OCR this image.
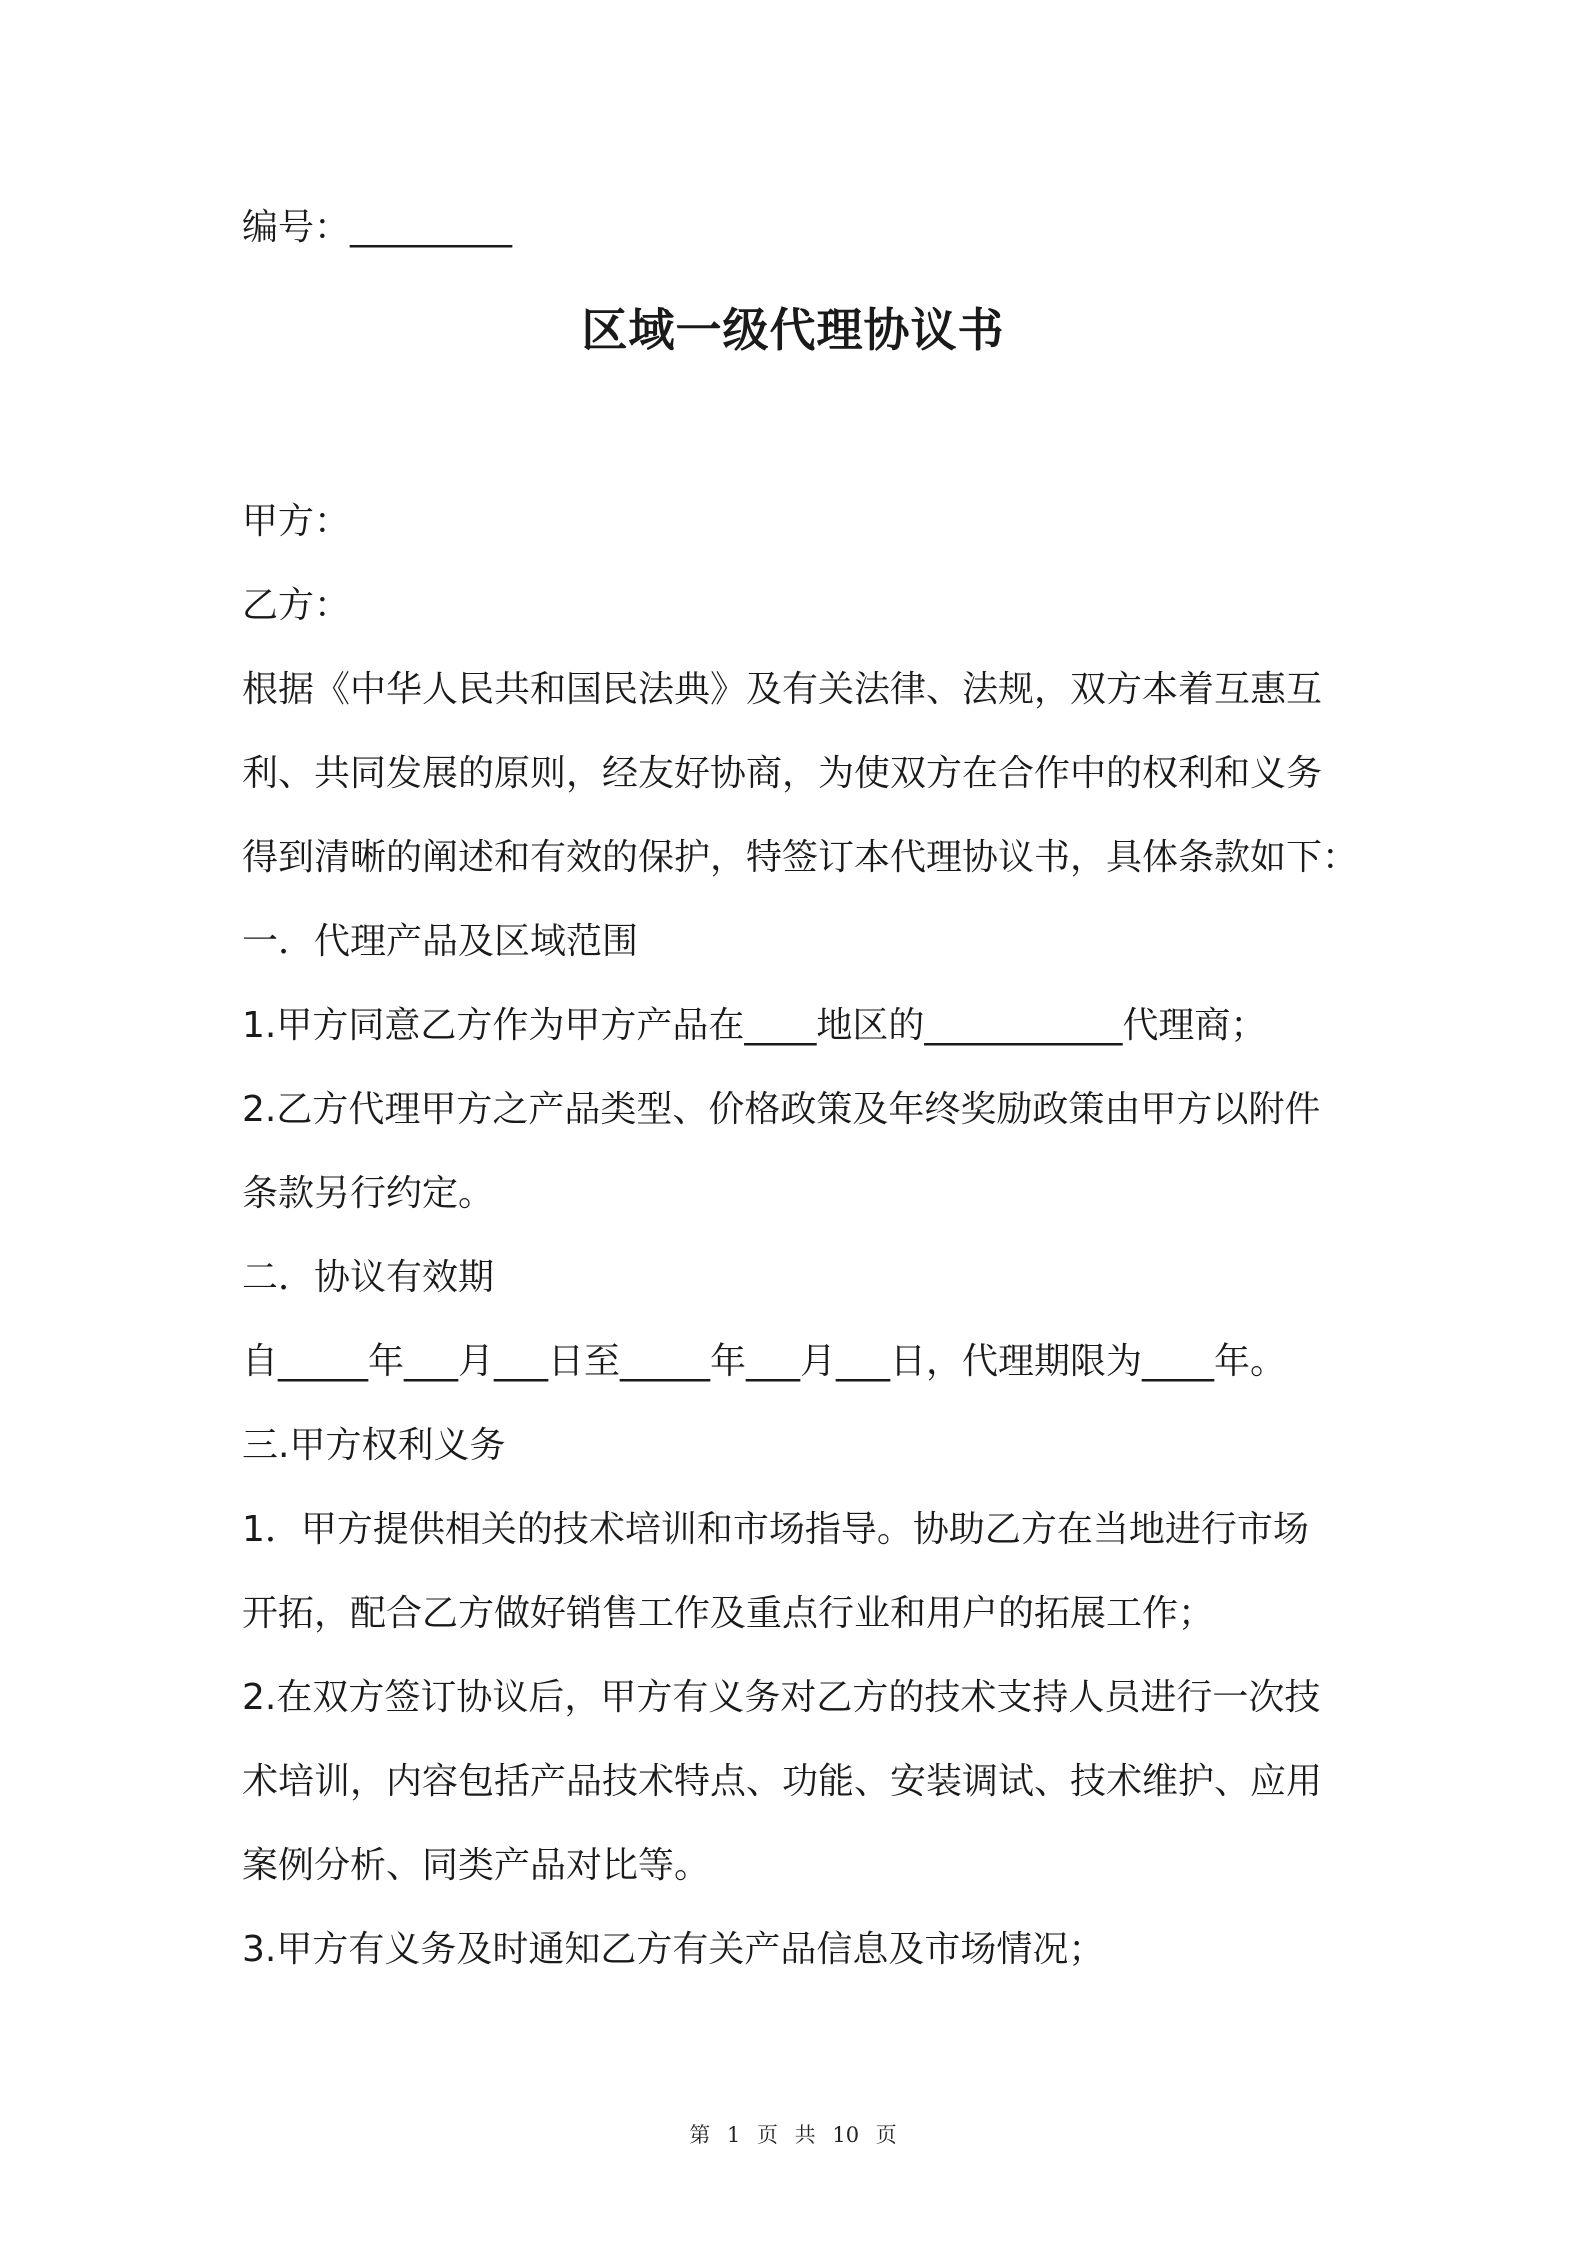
编号：_________
区域一级代理协议书
甲方：
乙方：
根据《中华人民共和国民法典》及有关法律、法规，双方本着互惠互
利、共同发展的原则，经友好协商，为使双方在合作中的权利和义务
得到清晰的阐述和有效的保护，特签订本代理协议书，具体条款如下：
一．代理产品及区域范围
1.甲方同意乙方作为甲方产品在____地区的___________代理商；
2.乙方代理甲方之产品类型、价格政策及年终奖励政策由甲方以附件
条款另行约定。
二．协议有效期
自_____年___月___日至_____年___月___日，代理期限为____年。
三.甲方权利义务
1．甲方提供相关的技术培训和市场指导。协助乙方在当地进行市场
开拓，配合乙方做好销售工作及重点行业和用户的拓展工作；
2.在双方签订协议后，甲方有义务对乙方的技术支持人员进行一次技
术培训，内容包括产品技术特点、功能、安装调试、技术维护、应用
案例分析、同类产品对比等。
3.甲方有义务及时通知乙方有关产品信息及市场情况；
第 1 页 共 10 页
